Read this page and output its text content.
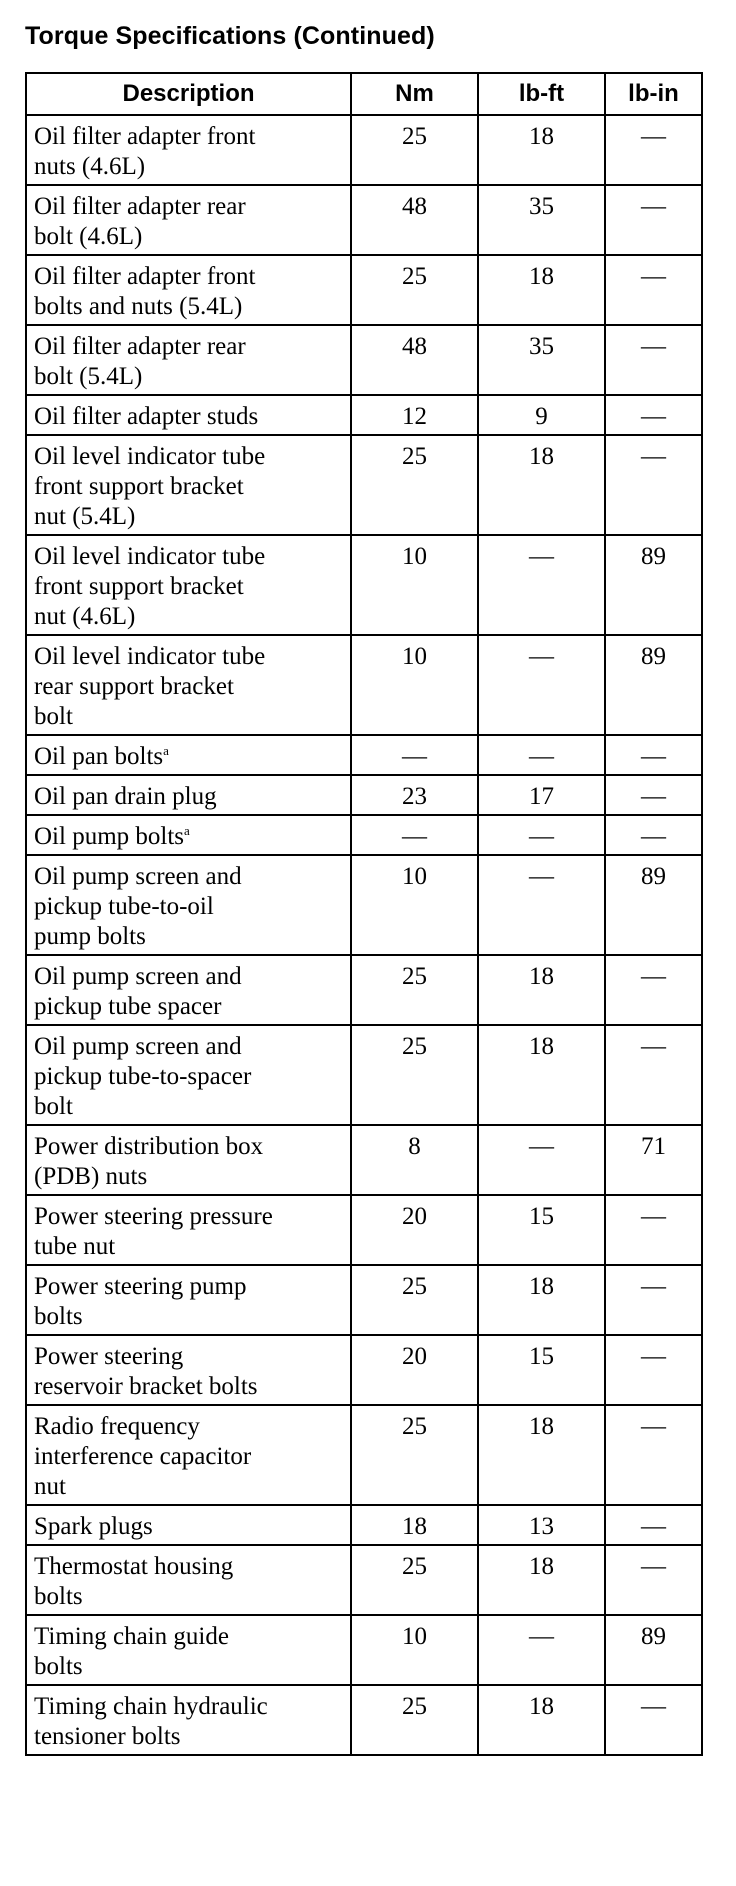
Torque Specifications (Continued)
Description	Nm	lb-ft	lb-in
Oil filter adapter front
nuts (4.6L)	25	18	—
Oil filter adapter rear
bolt (4.6L)	48	35	—
Oil filter adapter front
bolts and nuts (5.4L)	25	18	—
Oil filter adapter rear
bolt (5.4L)	48	35	—
Oil filter adapter studs	12	9	—
Oil level indicator tube
front support bracket
nut (5.4L)	25	18	—
Oil level indicator tube
front support bracket
nut (4.6L)	10	—	89
Oil level indicator tube
rear support bracket
bolt	10	—	89
Oil pan bolts$^a$	—	—	—
Oil pan drain plug	23	17	—
Oil pump bolts$^a$	—	—	—
Oil pump screen and
pickup tube-to-oil
pump bolts	10	—	89
Oil pump screen and
pickup tube spacer	25	18	—
Oil pump screen and
pickup tube-to-spacer
bolt	25	18	—
Power distribution box
(PDB) nuts	8	—	71
Power steering pressure
tube nut	20	15	—
Power steering pump
bolts	25	18	—
Power steering
reservoir bracket bolts	20	15	—
Radio frequency
interference capacitor
nut	25	18	—
Spark plugs	18	13	—
Thermostat housing
bolts	25	18	—
Timing chain guide
bolts	10	—	89
Timing chain hydraulic
tensioner bolts	25	18	—
